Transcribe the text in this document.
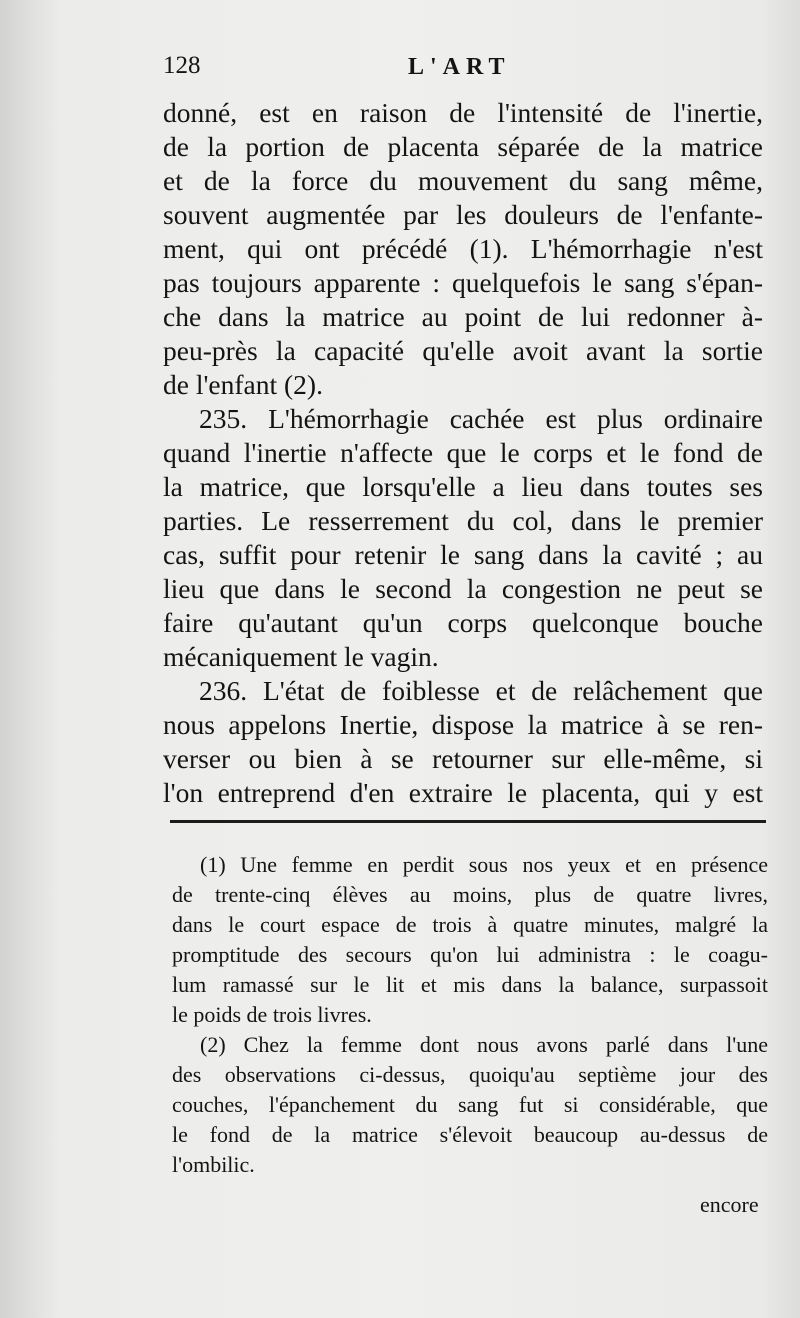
128	L'ART
donné, est en raison de l'intensité de l'inertie,
de la portion de placenta séparée de la matrice
et de la force du mouvement du sang même,
souvent augmentée par les douleurs de l'enfante-
ment, qui ont précédé (1). L'hémorrhagie n'est
pas toujours apparente : quelquefois le sang s'épan-
che dans la matrice au point de lui redonner à-
peu-près la capacité qu'elle avoit avant la sortie
de l'enfant (2).
235. L'hémorrhagie cachée est plus ordinaire
quand l'inertie n'affecte que le corps et le fond de
la matrice, que lorsqu'elle a lieu dans toutes ses
parties. Le resserrement du col, dans le premier
cas, suffit pour retenir le sang dans la cavité ; au
lieu que dans le second la congestion ne peut se
faire qu'autant qu'un corps quelconque bouche
mécaniquement le vagin.
236. L'état de foiblesse et de relâchement que
nous appelons Inertie, dispose la matrice à se ren-
verser ou bien à se retourner sur elle-même, si
l'on entreprend d'en extraire le placenta, qui y est
(1) Une femme en perdit sous nos yeux et en présence
de trente-cinq élèves au moins, plus de quatre livres,
dans le court espace de trois à quatre minutes, malgré la
promptitude des secours qu'on lui administra : le coagu-
lum ramassé sur le lit et mis dans la balance, surpassoit
le poids de trois livres.
(2) Chez la femme dont nous avons parlé dans l'une
des observations ci-dessus, quoiqu'au septième jour des
couches, l'épanchement du sang fut si considérable, que
le fond de la matrice s'élevoit beaucoup au-dessus de
l'ombilic.
encore
